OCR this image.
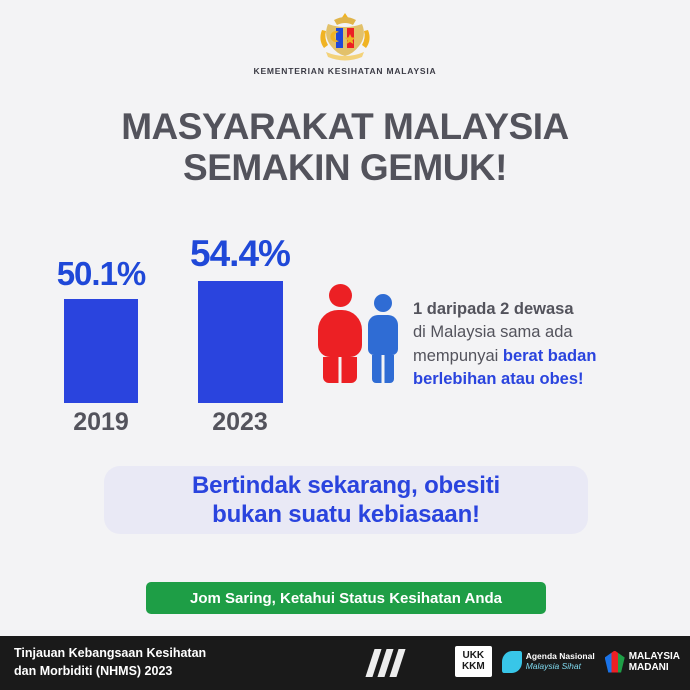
KEMENTERIAN KESIHATAN MALAYSIA
MASYARAKAT MALAYSIA
SEMAKIN GEMUK!
50.1%
2019
54.4%
2023
1 daripada 2 dewasa
di Malaysia sama ada
mempunyai berat badan
berlebihan atau obes!
Bertindak sekarang, obesiti
bukan suatu kebiasaan!
Jom Saring, Ketahui Status Kesihatan Anda
Tinjauan Kebangsaan Kesihatan
dan Morbiditi (NHMS) 2023
UKK
KKM
Agenda Nasional
Malaysia Sihat
MALAYSIA
MADANI
